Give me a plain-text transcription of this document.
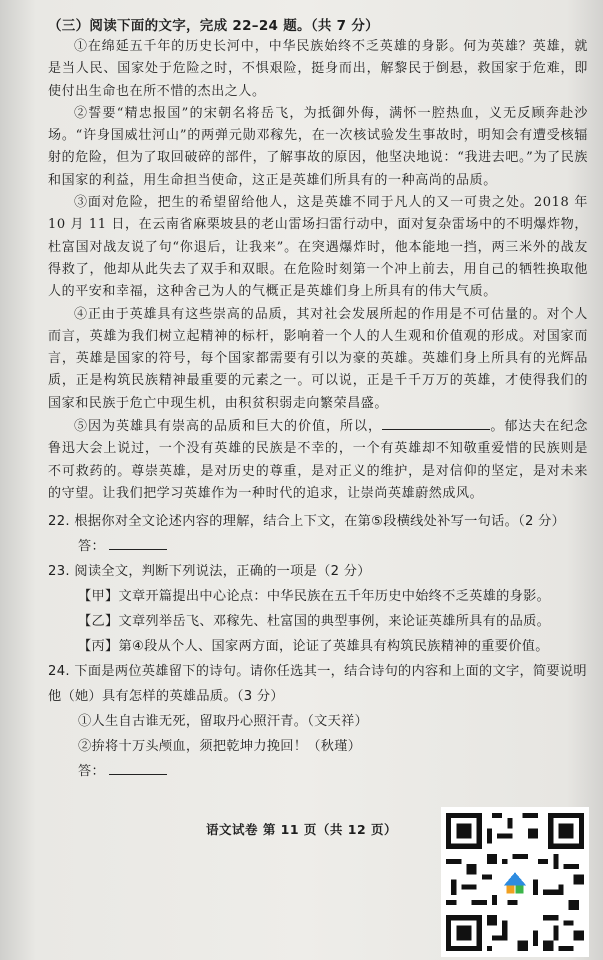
（三）阅读下面的文字，完成 22–24 题。（共 7 分）

①在绵延五千年的历史长河中，中华民族始终不乏英雄的身影。何为英雄？英雄，就是当人民、国家处于危险之时，不惧艰险，挺身而出，解黎民于倒悬，救国家于危难，即使付出生命也在所不惜的杰出之人。

②誓要“精忠报国”的宋朝名将岳飞，为抵御外侮，满怀一腔热血，义无反顾奔赴沙场。“许身国威壮河山”的两弹元勋邓稼先，在一次核试验发生事故时，明知会有遭受核辐射的危险，但为了取回破碎的部件，了解事故的原因，他坚决地说：“我进去吧。”为了民族和国家的利益，用生命担当使命，这正是英雄们所具有的一种高尚的品质。

③面对危险，把生的希望留给他人，这是英雄不同于凡人的又一可贵之处。2018 年 10 月 11 日，在云南省麻栗坡县的老山雷场扫雷行动中，面对复杂雷场中的不明爆炸物，杜富国对战友说了句“你退后，让我来”。在突遇爆炸时，他本能地一挡，两三米外的战友得救了，他却从此失去了双手和双眼。在危险时刻第一个冲上前去，用自己的牺牲换取他人的平安和幸福，这种舍己为人的气概正是英雄们身上所具有的伟大气质。

④正由于英雄具有这些崇高的品质，其对社会发展所起的作用是不可估量的。对个人而言，英雄为我们树立起精神的标杆，影响着一个人的人生观和价值观的形成。对国家而言，英雄是国家的符号，每个国家都需要有引以为豪的英雄。英雄们身上所具有的光辉品质，正是构筑民族精神最重要的元素之一。可以说，正是千千万万的英雄，才使得我们的国家和民族于危亡中现生机，由积贫积弱走向繁荣昌盛。

⑤因为英雄具有崇高的品质和巨大的价值，所以，	。郁达夫在纪念鲁迅大会上说过，一个没有英雄的民族是不幸的，一个有英雄却不知敬重爱惜的民族则是不可救药的。尊崇英雄，是对历史的尊重，是对正义的维护，是对信仰的坚定，是对未来的守望。让我们把学习英雄作为一种时代的追求，让崇尚英雄蔚然成风。

22. 根据你对全文论述内容的理解，结合上下文，在第⑤段横线处补写一句话。（2 分）

答：

23. 阅读全文，判断下列说法，正确的一项是（2 分）

【甲】文章开篇提出中心论点：中华民族在五千年历史中始终不乏英雄的身影。

【乙】文章列举岳飞、邓稼先、杜富国的典型事例，来论证英雄所具有的品质。

【丙】第④段从个人、国家两方面，论证了英雄具有构筑民族精神的重要价值。

24. 下面是两位英雄留下的诗句。请你任选其一，结合诗句的内容和上面的文字，简要说明他（她）具有怎样的英雄品质。（3 分）

①人生自古谁无死，留取丹心照汗青。（文天祥）

②拚将十万头颅血，须把乾坤力挽回！（秋瑾）

答：

语文试卷 第 11 页（共 12 页）
